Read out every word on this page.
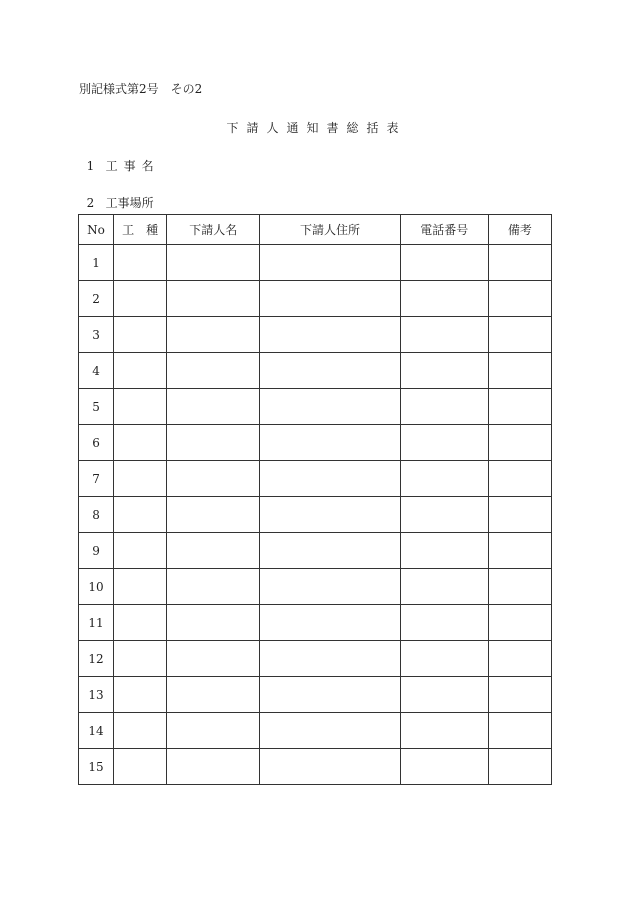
別記様式第2号　その2
下請人通知書総括表

1 工事名

2 工事場所

No	工　種	下請人名	下請人住所	電話番号	備考
1					
2					
3					
4					
5					
6					
7					
8					
9					
10					
11					
12					
13					
14					
15					
